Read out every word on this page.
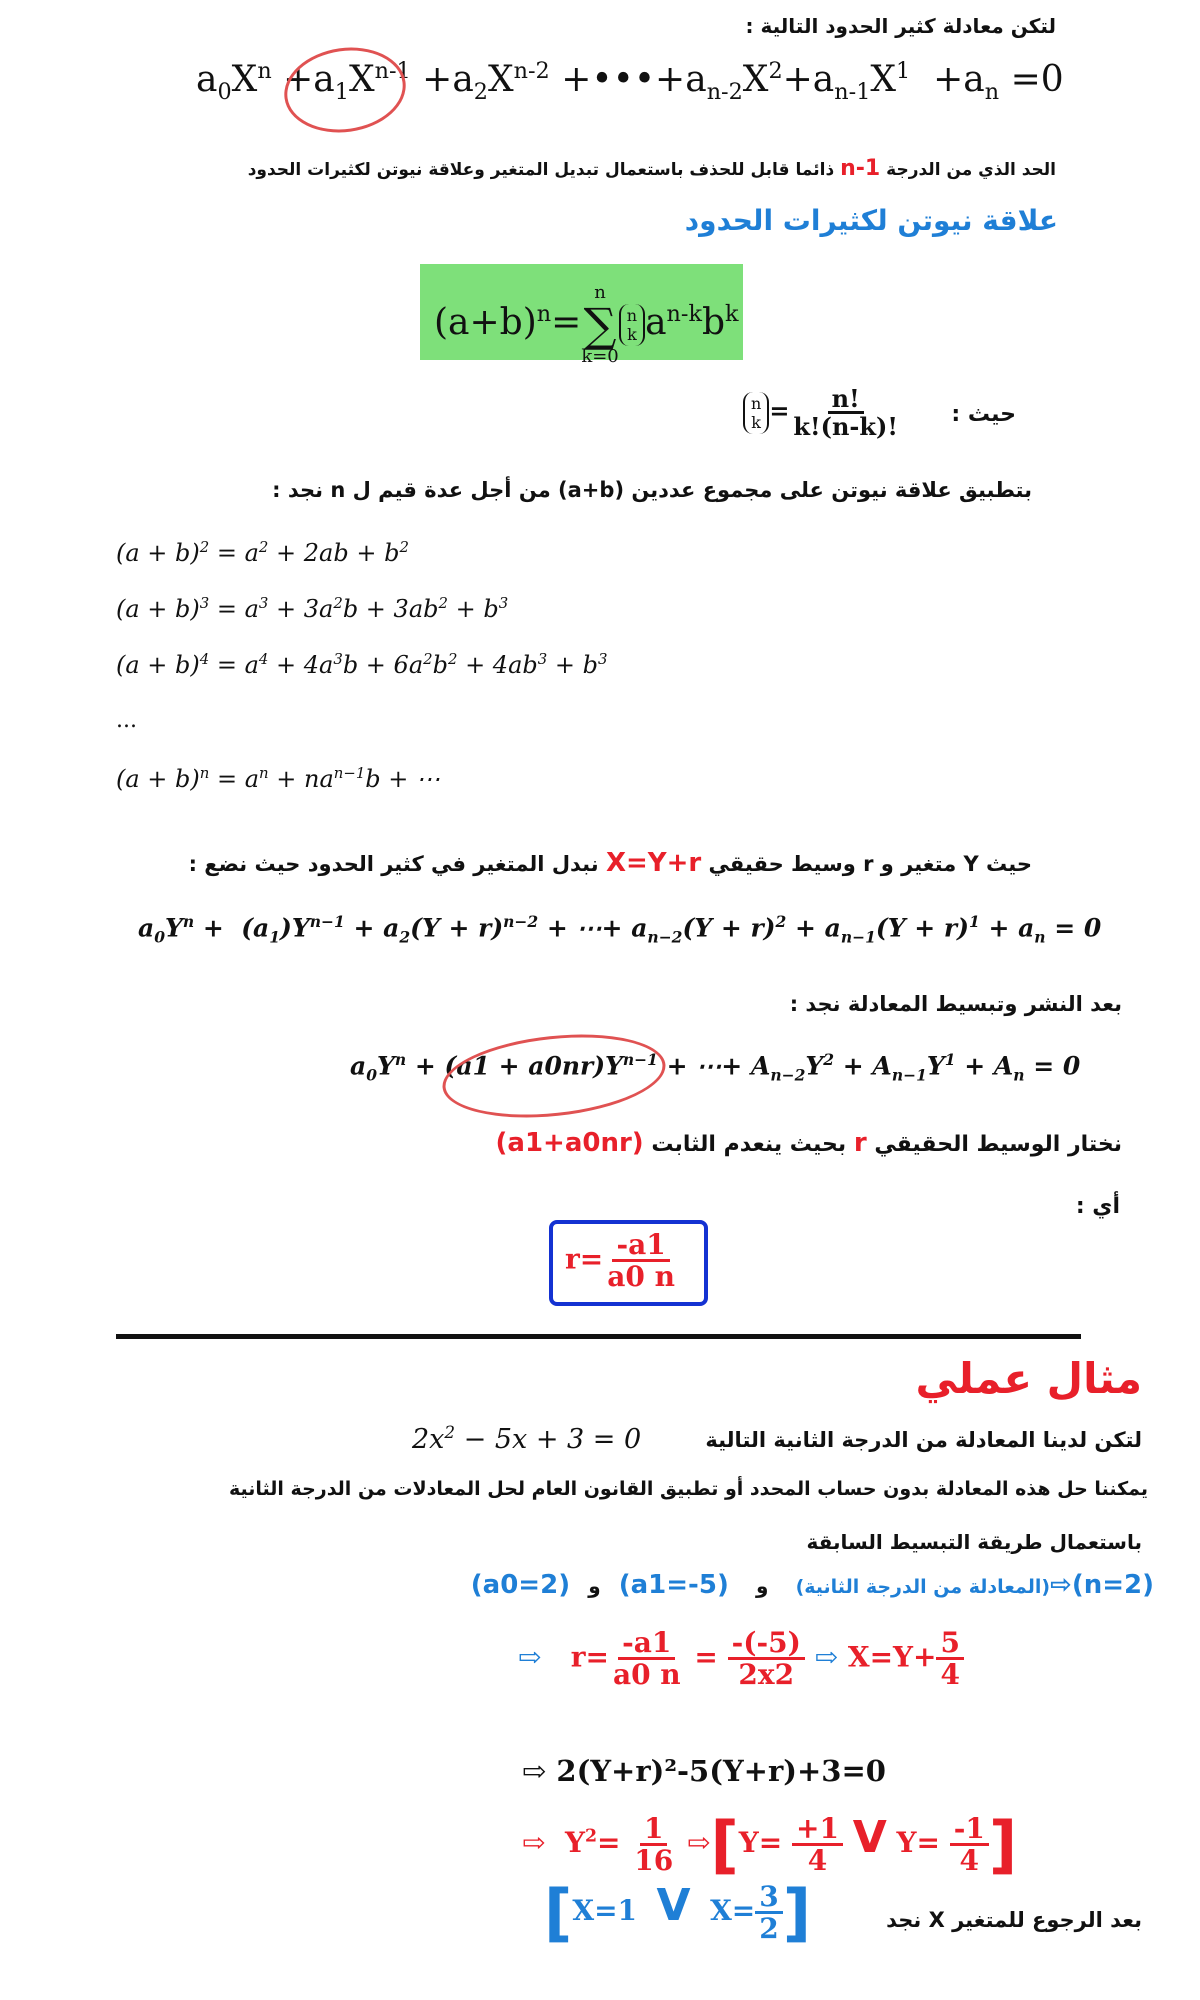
لتكن معادلة كثير الحدود التالية :
$a_0X^n +a_1X^{n-1} +a_2X^{n-2}$ $+•••+a_{n-2}X^2+a_{n-1}X^1 +a_n =0$
الحد الذي من الدرجة n-1 ذائما قابل للحذف باستعمال تبديل المتغير وعلاقة نيوتن لكثيرات الحدود
علاقة نيوتن لكثيرات الحدود
$(a+b)^n=$
n
∑
k=0
n
k $a^{n-k}b^k$
حيث :
n
$k = \frac{n!}{k!(n-k)!}$
بتطبيق علاقة نيوتن على مجموع عددين (a+b) من أجل عدة قيم ل n نجد :
$(a + b)^2 = a^2 + 2ab + b^2$
$(a + b)^3 = a^3 + 3a^2b + 3ab^2 + b^3$
$(a + b)^4 = a^4 + 4a^3b + 6a^2b^2 + 4ab^3 + b^3$
...
$(a + b)^n = a^n + na^{n-1}b$ + ⋯
حيث Y متغير و r وسيط حقيقي X=Y+r نبدل المتغير في كثير الحدود حيث نضع :
$a_0Y^n + (a_1)Y^{n-1} + a_2(Y + r)^{n-2}$ + ⋯+ $a_{n-2}(Y + r)^2 + a_{n-1}(Y + r)^1 + a_n = 0$
بعد النشر وتبسيط المعادلة نجد :
$a_0Y^n + (a1 + a0nr)Y^{n-1}$ + ⋯+ $A_{n-2}Y^2 + A_{n-1}Y^1 + A_n = 0$
نختار الوسيط الحقيقي r بحيث ينعدم الثابت (a1+a0nr)
أي :
$r= \frac{-a1}{a0 n}$
مثال عملي
لتكن لدينا المعادلة من الدرجة الثانية التالية
$2x^2 - 5x + 3 = 0$
يمكننا حل هذه المعادلة بدون حساب المحدد أو تطبيق القانون العام لحل المعادلات من الدرجة الثانية
باستعمال طريقة التبسيط السابقة
(n=2)⇨(المعادلة من الدرجة الثانية)   و   (a1=-5)  و  (a0=2)
⇨   $r= \frac{-a1}{a0 n} = \frac{-(-5)}{2x2}$ ⇨ $X=Y+ \frac{5}{4}$
⇨ 2(Y+r)²-5(Y+r)+3=0
⇨  $Y^2= \frac{1}{16}$ ⇨[Y= $\frac{+1}{4}$ V $Y= \frac{-1}{4}$ ]
بعد الرجوع للمتغير X نجد
[X=1 V  $X= \frac{3}{2}$ ]
